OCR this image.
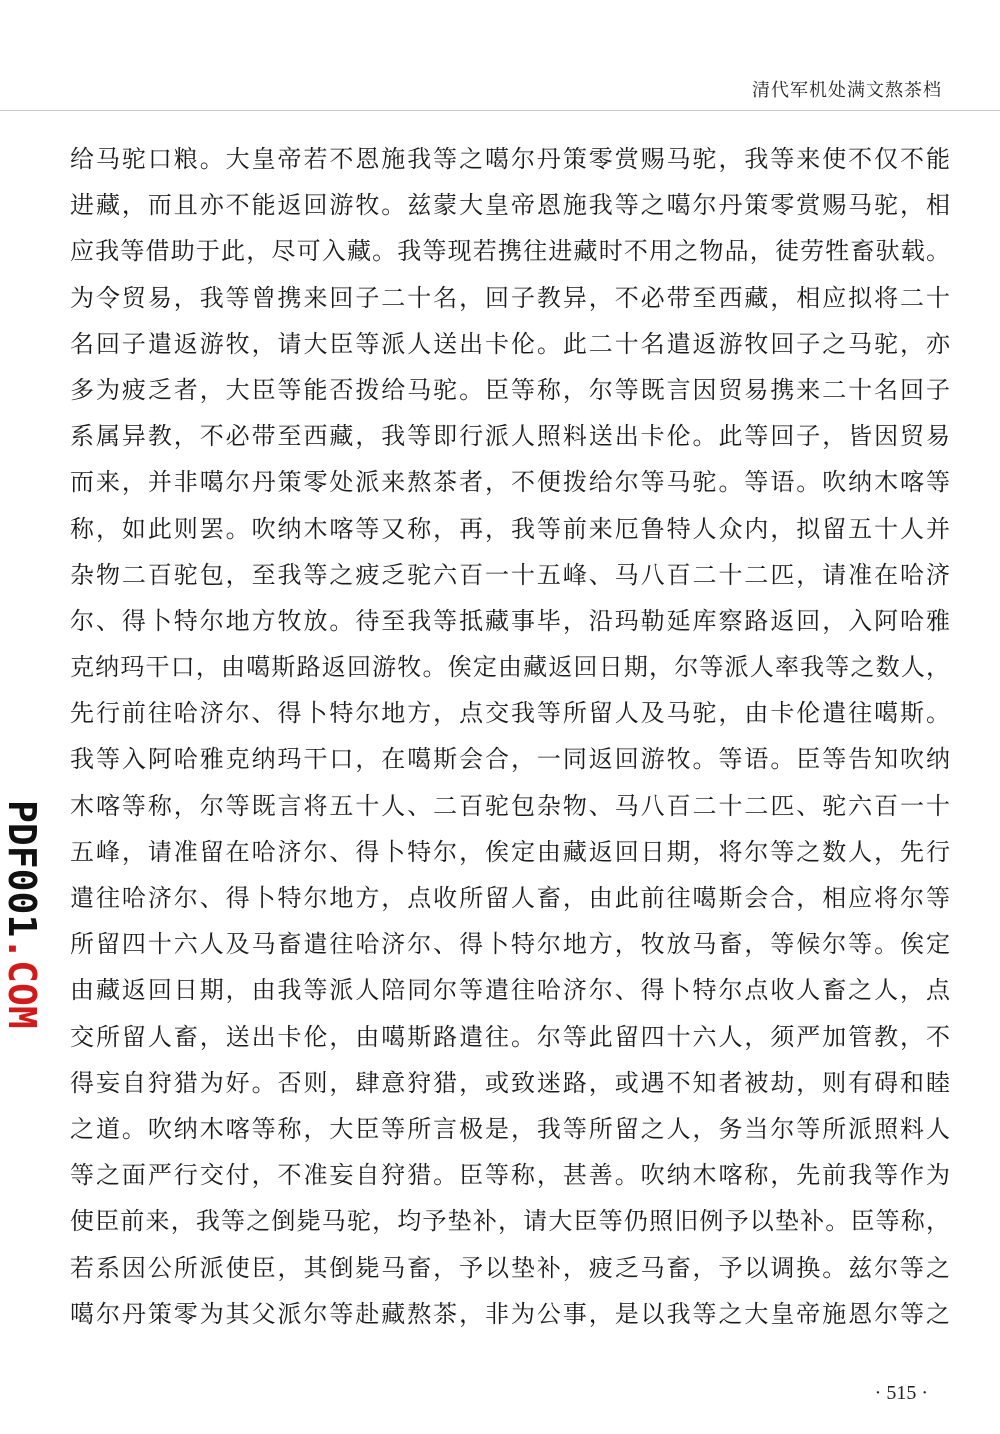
清代军机处满文熬茶档
PDF001.COM
给马驼口粮。大皇帝若不恩施我等之噶尔丹策零赏赐马驼，我等来使不仅不能
进藏，而且亦不能返回游牧。兹蒙大皇帝恩施我等之噶尔丹策零赏赐马驼，相
应我等借助于此，尽可入藏。我等现若携往进藏时不用之物品，徒劳牲畜驮载。
为令贸易，我等曾携来回子二十名，回子教异，不必带至西藏，相应拟将二十
名回子遣返游牧，请大臣等派人送出卡伦。此二十名遣返游牧回子之马驼，亦
多为疲乏者，大臣等能否拨给马驼。臣等称，尔等既言因贸易携来二十名回子
系属异教，不必带至西藏，我等即行派人照料送出卡伦。此等回子，皆因贸易
而来，并非噶尔丹策零处派来熬茶者，不便拨给尔等马驼。等语。吹纳木喀等
称，如此则罢。吹纳木喀等又称，再，我等前来厄鲁特人众内，拟留五十人并
杂物二百驼包，至我等之疲乏驼六百一十五峰、马八百二十二匹，请准在哈济
尔、得卜特尔地方牧放。待至我等抵藏事毕，沿玛勒延库察路返回，入阿哈雅
克纳玛干口，由噶斯路返回游牧。俟定由藏返回日期，尔等派人率我等之数人，
先行前往哈济尔、得卜特尔地方，点交我等所留人及马驼，由卡伦遣往噶斯。
我等入阿哈雅克纳玛干口，在噶斯会合，一同返回游牧。等语。臣等告知吹纳
木喀等称，尔等既言将五十人、二百驼包杂物、马八百二十二匹、驼六百一十
五峰，请准留在哈济尔、得卜特尔，俟定由藏返回日期，将尔等之数人，先行
遣往哈济尔、得卜特尔地方，点收所留人畜，由此前往噶斯会合，相应将尔等
所留四十六人及马畜遣往哈济尔、得卜特尔地方，牧放马畜，等候尔等。俟定
由藏返回日期，由我等派人陪同尔等遣往哈济尔、得卜特尔点收人畜之人，点
交所留人畜，送出卡伦，由噶斯路遣往。尔等此留四十六人，须严加管教，不
得妄自狩猎为好。否则，肆意狩猎，或致迷路，或遇不知者被劫，则有碍和睦
之道。吹纳木喀等称，大臣等所言极是，我等所留之人，务当尔等所派照料人
等之面严行交付，不准妄自狩猎。臣等称，甚善。吹纳木喀称，先前我等作为
使臣前来，我等之倒毙马驼，均予垫补，请大臣等仍照旧例予以垫补。臣等称，
若系因公所派使臣，其倒毙马畜，予以垫补，疲乏马畜，予以调换。兹尔等之
噶尔丹策零为其父派尔等赴藏熬茶，非为公事，是以我等之大皇帝施恩尔等之
· 515 ·
